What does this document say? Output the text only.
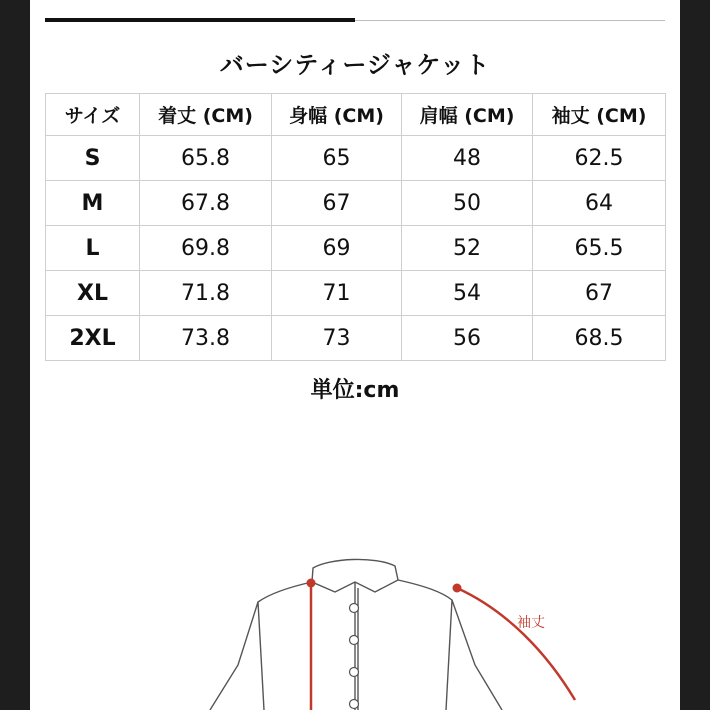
バーシティージャケット
サイズ	着丈 (CM)	身幅 (CM)	肩幅 (CM)	袖丈 (CM)
S	65.8	65	48	62.5
M	67.8	67	50	64
L	69.8	69	52	65.5
XL	71.8	71	54	67
2XL	73.8	73	56	68.5
単位:cm
袖丈
